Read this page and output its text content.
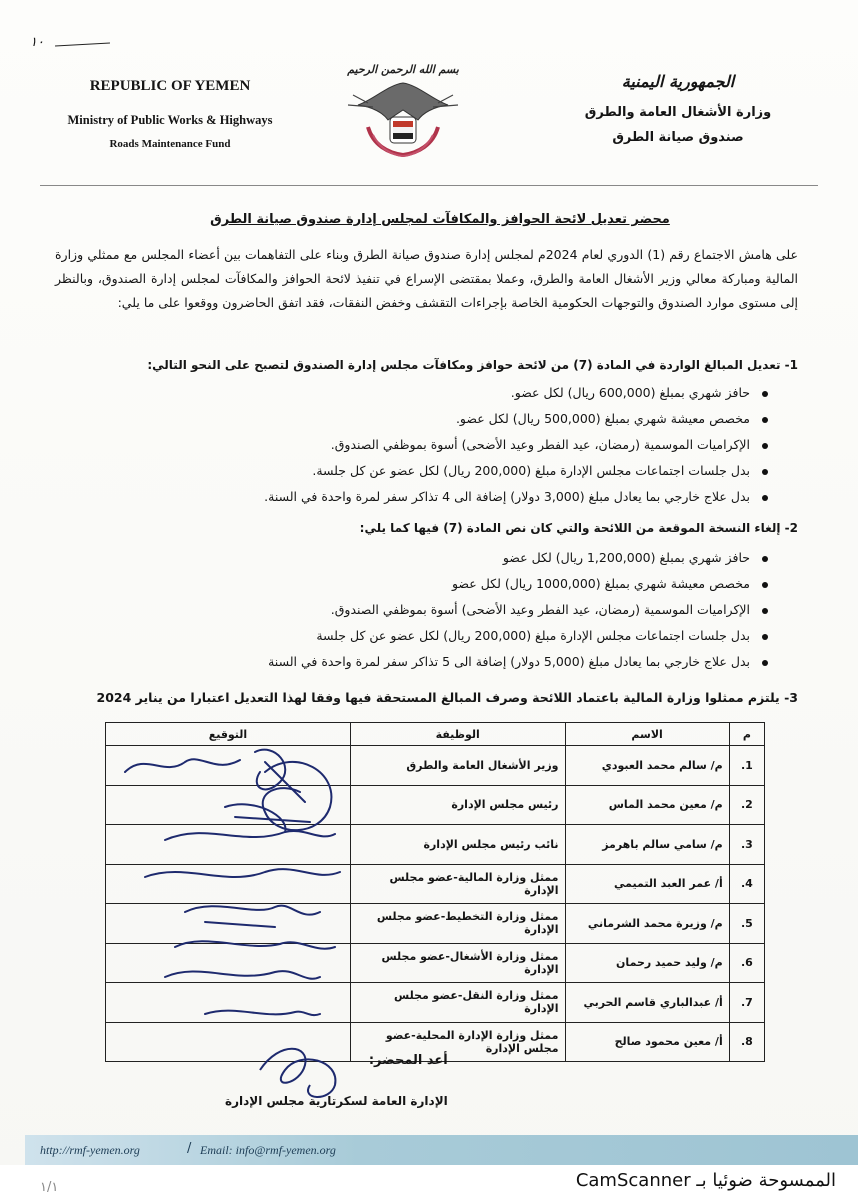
١٠
REPUBLIC OF YEMEN
Ministry of Public Works & Highways
Roads Maintenance Fund
بسم الله الرحمن الرحيم
الجمهورية اليمنية
وزارة الأشغال العامة والطرق
صندوق صيانة الطرق
محضر تعديل لائحة الحوافز والمكافآت لمجلس إدارة صندوق صيانة الطرق
على هامش الاجتماع رقم (1) الدوري لعام 2024م لمجلس إدارة صندوق صيانة الطرق وبناء على التفاهمات بين أعضاء المجلس مع ممثلي وزارة المالية ومباركة معالي وزير الأشغال العامة والطرق، وعملا بمقتضى الإسراع في تنفيذ لائحة الحوافز والمكافآت لمجلس إدارة الصندوق، وبالنظر إلى مستوى موارد الصندوق والتوجهات الحكومية الخاصة بإجراءات التقشف وخفض النفقات، فقد اتفق الحاضرون ووقعوا على ما يلي:
1- تعديل المبالغ الواردة في المادة (7) من لائحة حوافز ومكافآت مجلس إدارة الصندوق لتصبح على النحو التالي:
حافز شهري بمبلغ (600,000 ريال) لكل عضو.
مخصص معيشة شهري بمبلغ (500,000 ريال) لكل عضو.
الإكراميات الموسمية (رمضان، عيد الفطر وعيد الأضحى) أسوة بموظفي الصندوق.
بدل جلسات اجتماعات مجلس الإدارة مبلغ (200,000 ريال) لكل عضو عن كل جلسة.
بدل علاج خارجي بما يعادل مبلغ (3,000 دولار) إضافة الى 4 تذاكر سفر لمرة واحدة في السنة.
2- إلغاء النسخة الموقعة من اللائحة والتي كان نص المادة (7) فيها كما يلي:
حافز شهري بمبلغ (1,200,000 ريال) لكل عضو
مخصص معيشة شهري بمبلغ (1000,000 ريال) لكل عضو
الإكراميات الموسمية (رمضان، عيد الفطر وعيد الأضحى) أسوة بموظفي الصندوق.
بدل جلسات اجتماعات مجلس الإدارة مبلغ (200,000 ريال) لكل عضو عن كل جلسة
بدل علاج خارجي بما يعادل مبلغ (5,000 دولار) إضافة الى 5 تذاكر سفر لمرة واحدة في السنة
3- يلتزم ممثلوا وزارة المالية باعتماد اللائحة وصرف المبالغ المستحقة فيها وفقا لهذا التعديل اعتبارا من يناير 2024
م	الاسم	الوظيفة	التوقيع
1.	م/ سالم محمد العبودي	وزير الأشغال العامة والطرق	
2.	م/ معين محمد الماس	رئيس مجلس الإدارة	
3.	م/ سامي سالم باهرمز	نائب رئيس مجلس الإدارة	
4.	أ/ عمر العبد التميمي	ممثل وزارة المالية-عضو مجلس الإدارة	
5.	م/ وزيرة محمد الشرماني	ممثل وزارة التخطيط-عضو مجلس الإدارة	
6.	م/ وليد حميد رحمان	ممثل وزارة الأشغال-عضو مجلس الإدارة	
7.	أ/ عبدالباري قاسم الحربي	ممثل وزارة النقل-عضو مجلس الإدارة	
8.	أ/ معين محمود صالح	ممثل وزارة الإدارة المحلية-عضو مجلس الإدارة	
أعد المحضر:
الإدارة العامة لسكرتارية مجلس الإدارة
http://rmf-yemen.org	/ Email: info@rmf-yemen.org
الممسوحة ضوئيا بـ CamScanner
١/١
